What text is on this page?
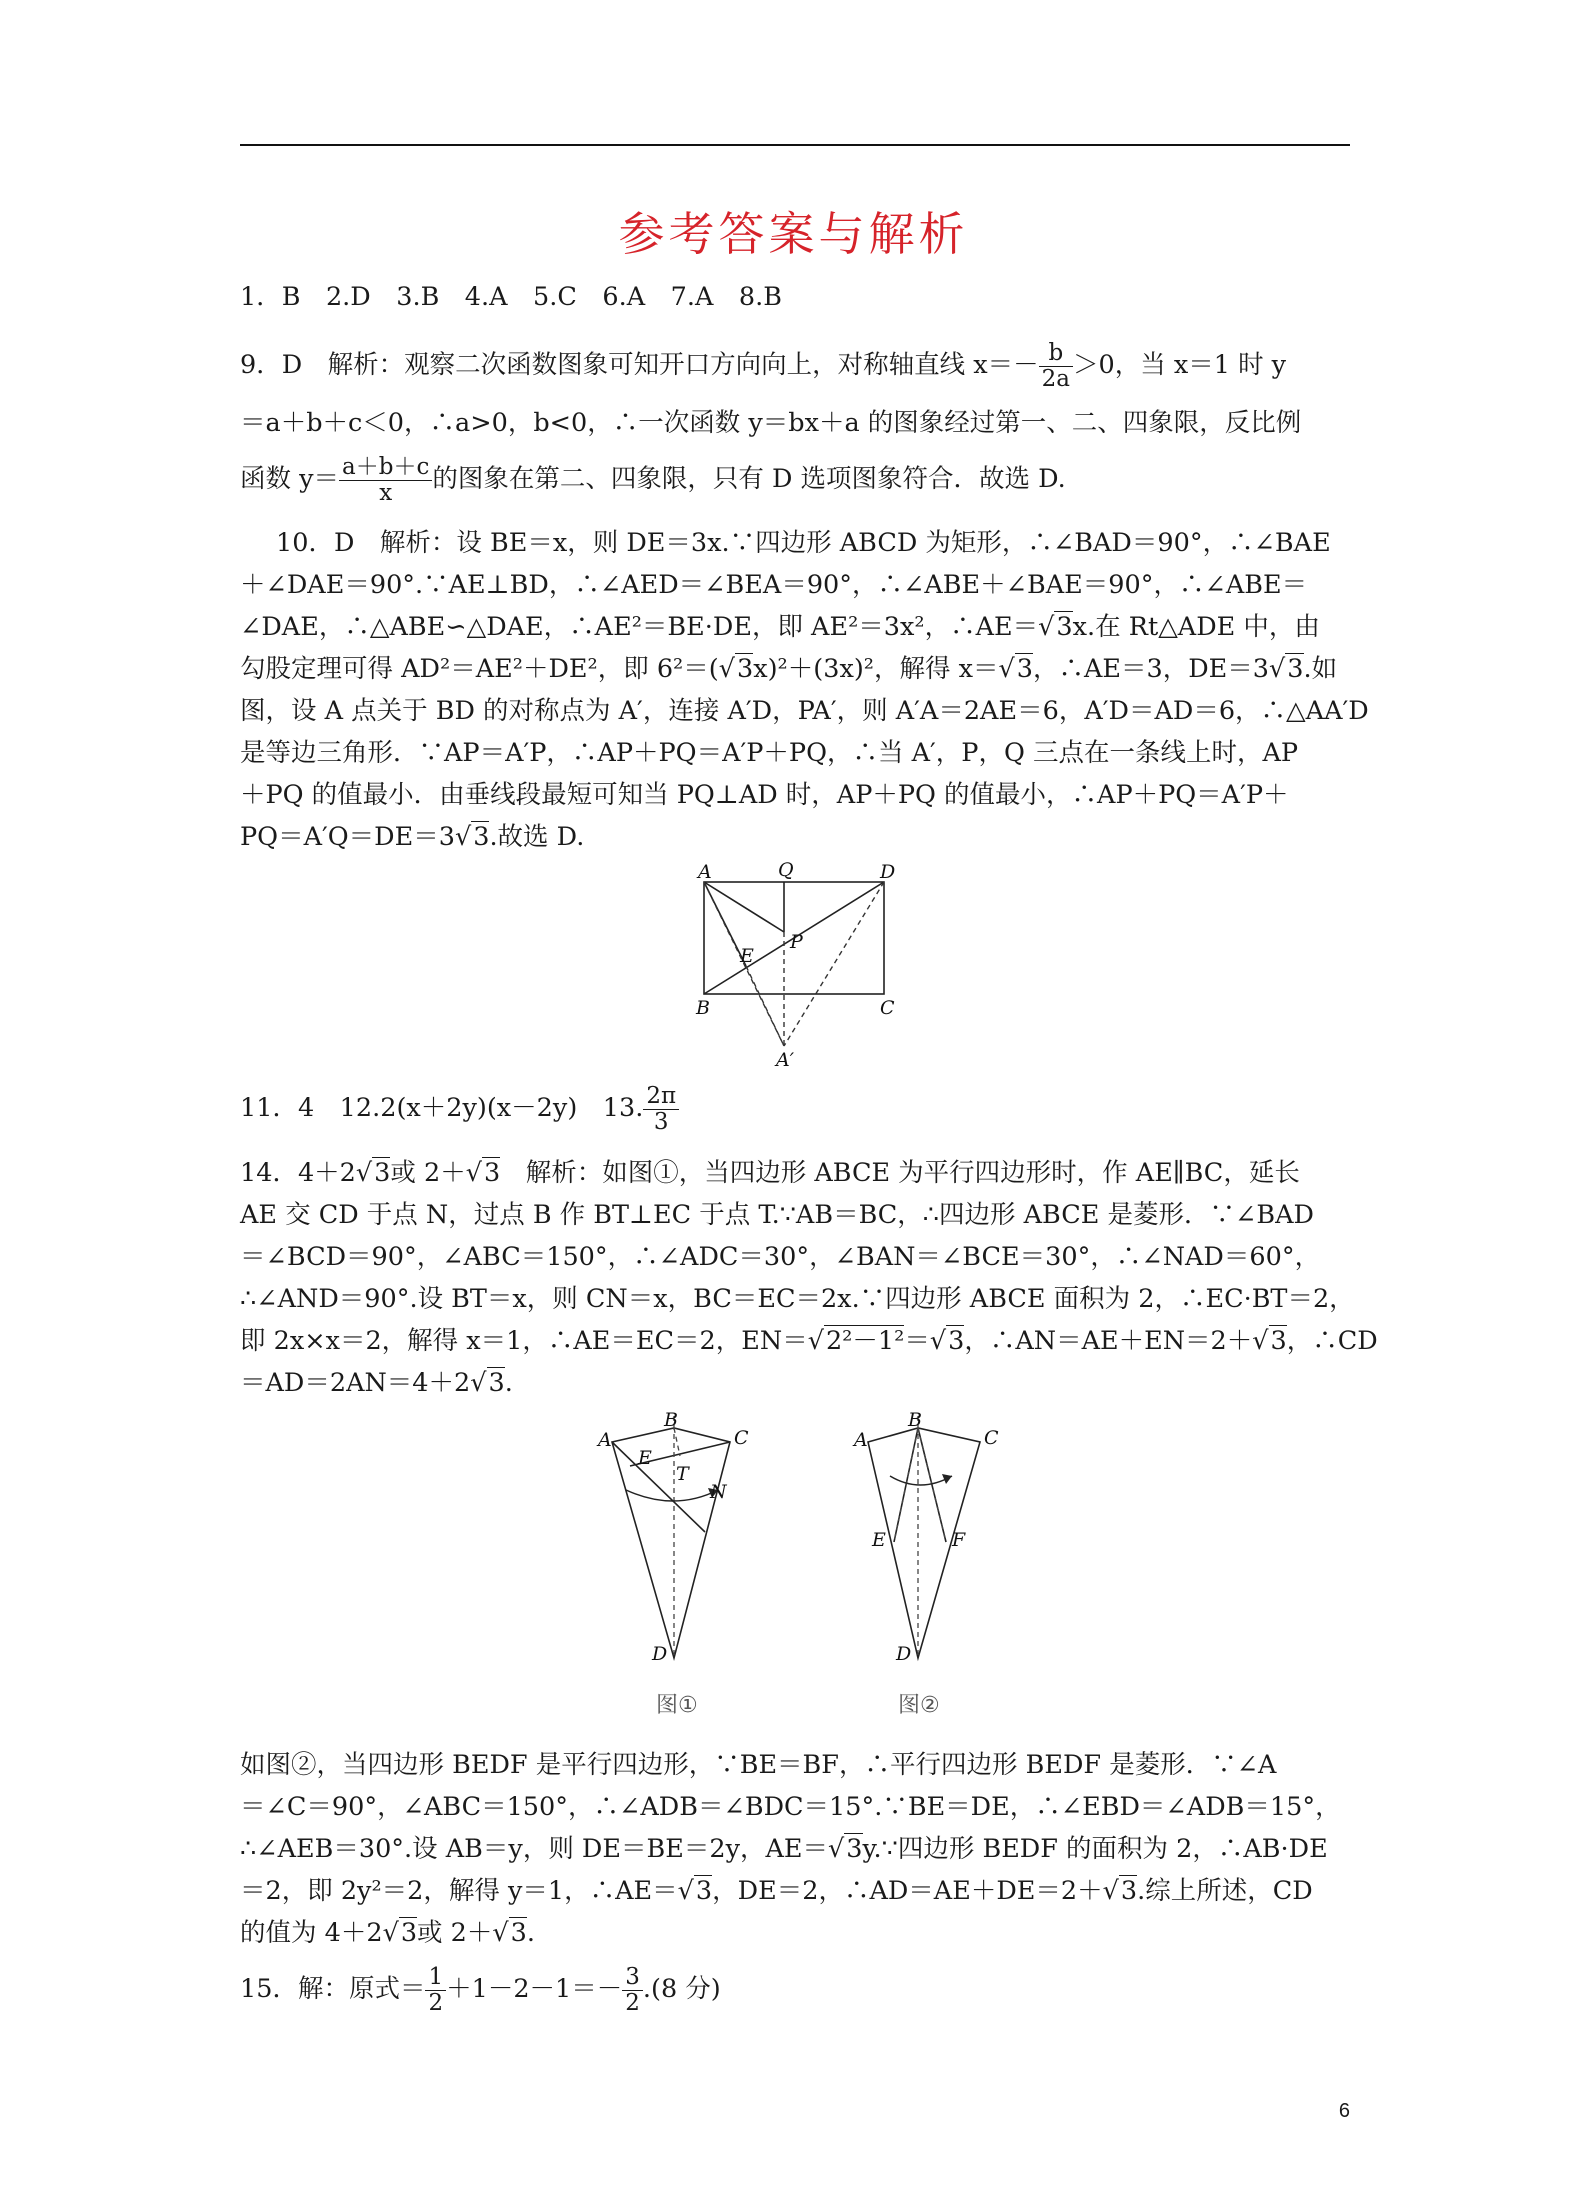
参考答案与解析
1．B　2.D　3.B　4.A　5.C　6.A　7.A　8.B
9．D　解析：观察二次函数图象可知开口方向向上，对称轴直线 $x=- \frac{b}{2a} >0$，当 x＝1 时 y
＝a＋b＋c＜0，∴a>0，b<0，∴一次函数 y＝bx＋a 的图象经过第一、二、四象限，反比例
函数 $y= \frac{a+b+c}{x}$ 的图象在第二、四象限，只有 D 选项图象符合．故选 D.
10．D　解析：设 BE＝x，则 DE＝3x.∵四边形 ABCD 为矩形，∴∠BAD＝90°，∴∠BAE
＋∠DAE＝90°.∵AE⊥BD，∴∠AED＝∠BEA＝90°，∴∠ABE＋∠BAE＝90°，∴∠ABE＝
∠DAE，∴△ABE∽△DAE，∴AE²＝BE·DE，即 AE²＝3x²，∴AE＝√3x.在 Rt△ADE 中，由
勾股定理可得 AD²＝AE²＋DE²，即 6²＝(√3x)²＋(3x)²，解得 x＝√3，∴AE＝3，DE＝3√3.如
图，设 A 点关于 BD 的对称点为 A′，连接 A′D，PA′，则 A′A＝2AE＝6，A′D＝AD＝6，∴△AA′D
是等边三角形．∵AP＝A′P，∴AP＋PQ＝A′P＋PQ，∴当 A′，P，Q 三点在一条线上时，AP
＋PQ 的值最小．由垂线段最短可知当 PQ⊥AD 时，AP＋PQ 的值最小，∴AP＋PQ＝A′P＋
PQ＝A′Q＝DE＝3√3.故选 D.
A	Q	D
B	C
E
P
A′
11．4　12.2(x＋2y)(x－2y)　13. $\frac{2\pi}{3}$
14．4＋2√3或 2＋√3　解析：如图①，当四边形 ABCE 为平行四边形时，作 AE∥BC，延长
AE 交 CD 于点 N，过点 B 作 BT⊥EC 于点 T.∵AB＝BC，∴四边形 ABCE 是菱形．∵∠BAD
＝∠BCD＝90°，∠ABC＝150°，∴∠ADC＝30°，∠BAN＝∠BCE＝30°，∴∠NAD＝60°，
∴∠AND＝90°.设 BT＝x，则 CN＝x，BC＝EC＝2x.∵四边形 ABCE 面积为 2，∴EC·BT＝2，
即 2x×x＝2，解得 x＝1，∴AE＝EC＝2，EN＝√2²－1²＝√3，∴AN＝AE＋EN＝2＋√3，∴CD
＝AD＝2AN＝4＋2√3.
A
B
C
E
T
N
D
图①
A
B
C
E	F
D
图②
如图②，当四边形 BEDF 是平行四边形，∵BE＝BF，∴平行四边形 BEDF 是菱形．∵∠A
＝∠C＝90°，∠ABC＝150°，∴∠ADB＝∠BDC＝15°.∵BE＝DE，∴∠EBD＝∠ADB＝15°，
∴∠AEB＝30°.设 AB＝y，则 DE＝BE＝2y，AE＝√3y.∵四边形 BEDF 的面积为 2，∴AB·DE
＝2，即 2y²＝2，解得 y＝1，∴AE＝√3，DE＝2，∴AD＝AE＋DE＝2＋√3.综上所述，CD
的值为 4＋2√3或 2＋√3.
15．解：原式＝ $\frac{1}{2} +1-2-1=- \frac{3}{2} .(8$ 分)
6
